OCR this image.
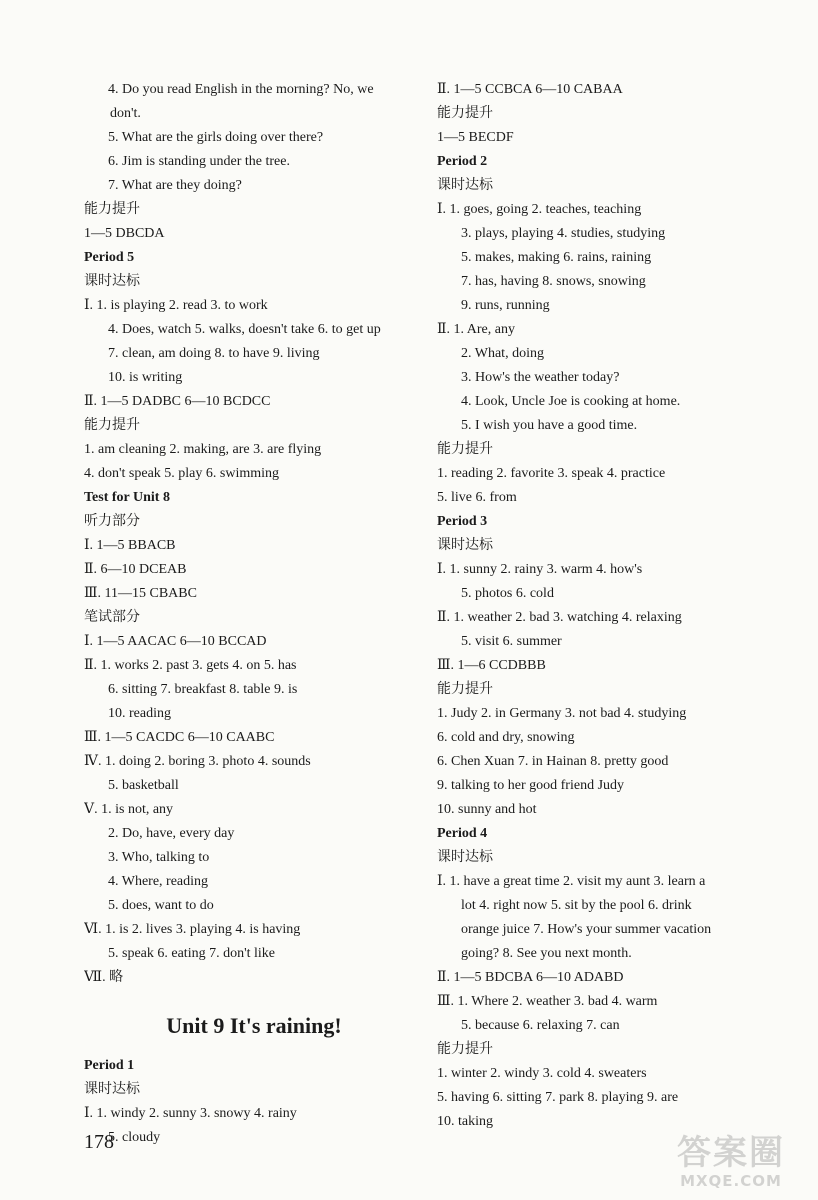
4. Do you read English in the morning? No, we
don't.
5. What are the girls doing over there?
6. Jim is standing under the tree.
7. What are they doing?
能力提升
1—5 DBCDA
Period 5
课时达标
Ⅰ. 1. is playing 2. read 3. to work
4. Does, watch 5. walks, doesn't take 6. to get up
7. clean, am doing 8. to have 9. living
10. is writing
Ⅱ. 1—5 DADBC 6—10 BCDCC
能力提升
1. am cleaning 2. making, are 3. are flying
4. don't speak 5. play 6. swimming
Test for Unit 8
听力部分
Ⅰ. 1—5 BBACB
Ⅱ. 6—10 DCEAB
Ⅲ. 11—15 CBABC
笔试部分
Ⅰ. 1—5 AACAC 6—10 BCCAD
Ⅱ. 1. works 2. past 3. gets 4. on 5. has
6. sitting 7. breakfast 8. table 9. is
10. reading
Ⅲ. 1—5 CACDC 6—10 CAABC
Ⅳ. 1. doing 2. boring 3. photo 4. sounds
5. basketball
Ⅴ. 1. is not, any
2. Do, have, every day
3. Who, talking to
4. Where, reading
5. does, want to do
Ⅵ. 1. is 2. lives 3. playing 4. is having
5. speak 6. eating 7. don't like
Ⅶ. 略
Unit 9 It's raining!
Period 1
课时达标
Ⅰ. 1. windy 2. sunny 3. snowy 4. rainy
5. cloudy
Ⅱ. 1—5 CCBCA 6—10 CABAA
能力提升
1—5 BECDF
Period 2
课时达标
Ⅰ. 1. goes, going 2. teaches, teaching
3. plays, playing 4. studies, studying
5. makes, making 6. rains, raining
7. has, having 8. snows, snowing
9. runs, running
Ⅱ. 1. Are, any
2. What, doing
3. How's the weather today?
4. Look, Uncle Joe is cooking at home.
5. I wish you have a good time.
能力提升
1. reading 2. favorite 3. speak 4. practice
5. live 6. from
Period 3
课时达标
Ⅰ. 1. sunny 2. rainy 3. warm 4. how's
5. photos 6. cold
Ⅱ. 1. weather 2. bad 3. watching 4. relaxing
5. visit 6. summer
Ⅲ. 1—6 CCDBBB
能力提升
1. Judy 2. in Germany 3. not bad 4. studying
6. cold and dry, snowing
6. Chen Xuan 7. in Hainan 8. pretty good
9. talking to her good friend Judy
10. sunny and hot
Period 4
课时达标
Ⅰ. 1. have a great time 2. visit my aunt 3. learn a
lot 4. right now 5. sit by the pool 6. drink
orange juice 7. How's your summer vacation
going? 8. See you next month.
Ⅱ. 1—5 BDCBA 6—10 ADABD
Ⅲ. 1. Where 2. weather 3. bad 4. warm
5. because 6. relaxing 7. can
能力提升
1. winter 2. windy 3. cold 4. sweaters
5. having 6. sitting 7. park 8. playing 9. are
10. taking
178	答案圈
MXQE.COM
